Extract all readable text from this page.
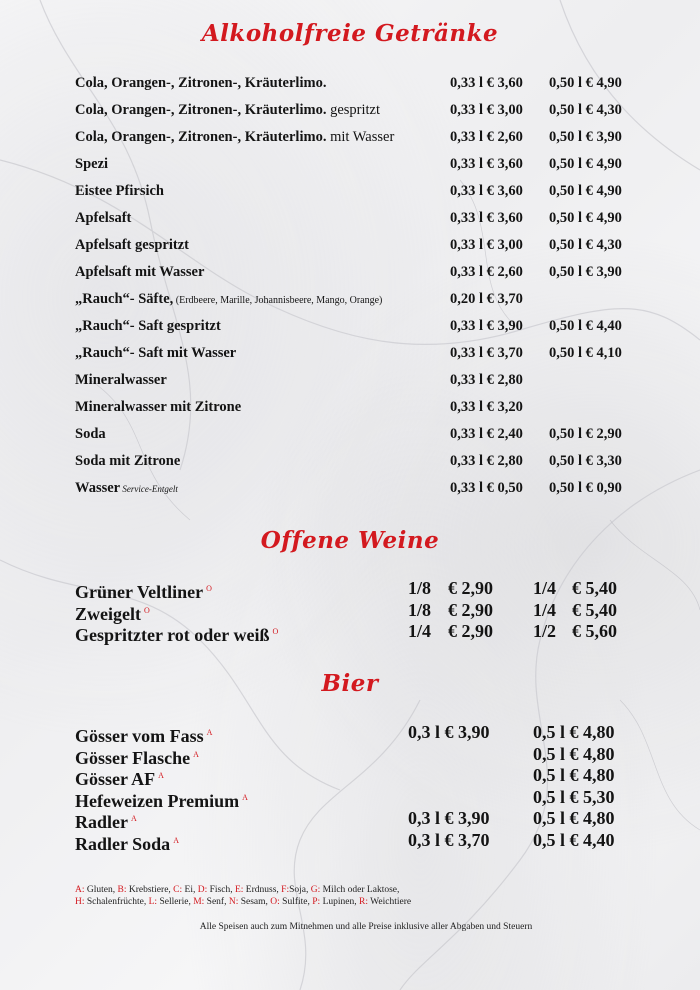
Alkoholfreie Getränke
Cola, Orangen-, Zitronen-, Kräuterlimo.	0,33 l € 3,60 0,50 l € 4,90
Cola, Orangen-, Zitronen-, Kräuterlimo. gespritzt	0,33 l € 3,00 0,50 l € 4,30
Cola, Orangen-, Zitronen-, Kräuterlimo. mit Wasser	0,33 l € 2,60 0,50 l € 3,90
Spezi	0,33 l € 3,60 0,50 l € 4,90
Eistee Pfirsich	0,33 l € 3,60 0,50 l € 4,90
Apfelsaft	0,33 l € 3,60 0,50 l € 4,90
Apfelsaft gespritzt	0,33 l € 3,00 0,50 l € 4,30
Apfelsaft mit Wasser	0,33 l € 2,60 0,50 l € 3,90
„Rauch“- Säfte, (Erdbeere, Marille, Johannisbeere, Mango, Orange)	0,20 l € 3,70
„Rauch“- Saft gespritzt	0,33 l € 3,90 0,50 l € 4,40
„Rauch“- Saft mit Wasser	0,33 l € 3,70 0,50 l € 4,10
Mineralwasser	0,33 l € 2,80
Mineralwasser mit Zitrone	0,33 l € 3,20
Soda	0,33 l € 2,40 0,50 l € 2,90
Soda mit Zitrone	0,33 l € 2,80 0,50 l € 3,30
Wasser Service-Entgelt	0,33 l € 0,50 0,50 l € 0,90
Offene Weine
Grüner Veltliner $^O$	1/8 € 2,90 1/4 € 5,40
Zweigelt $^O$	1/8 € 2,90 1/4 € 5,40
Gespritzter rot oder weiß $^O$	1/4 € 2,90 1/2 € 5,60
Bier
Gösser vom Fass $^A$	0,3 l € 3,90 0,5 l € 4,80
Gösser Flasche $^A$	0,5 l € 4,80
Gösser AF $^A$	0,5 l € 4,80
Hefeweizen Premium $^A$	0,5 l € 5,30
Radler $^A$	0,3 l € 3,90 0,5 l € 4,80
Radler Soda $^A$	0,3 l € 3,70 0,5 l € 4,40
A: Gluten, B: Krebstiere, C: Ei, D: Fisch, E: Erdnuss, F:Soja, G: Milch oder Laktose,
H: Schalenfrüchte, L: Sellerie, M: Senf, N: Sesam, O: Sulfite, P: Lupinen, R: Weichtiere
Alle Speisen auch zum Mitnehmen und alle Preise inklusive aller Abgaben und Steuern
